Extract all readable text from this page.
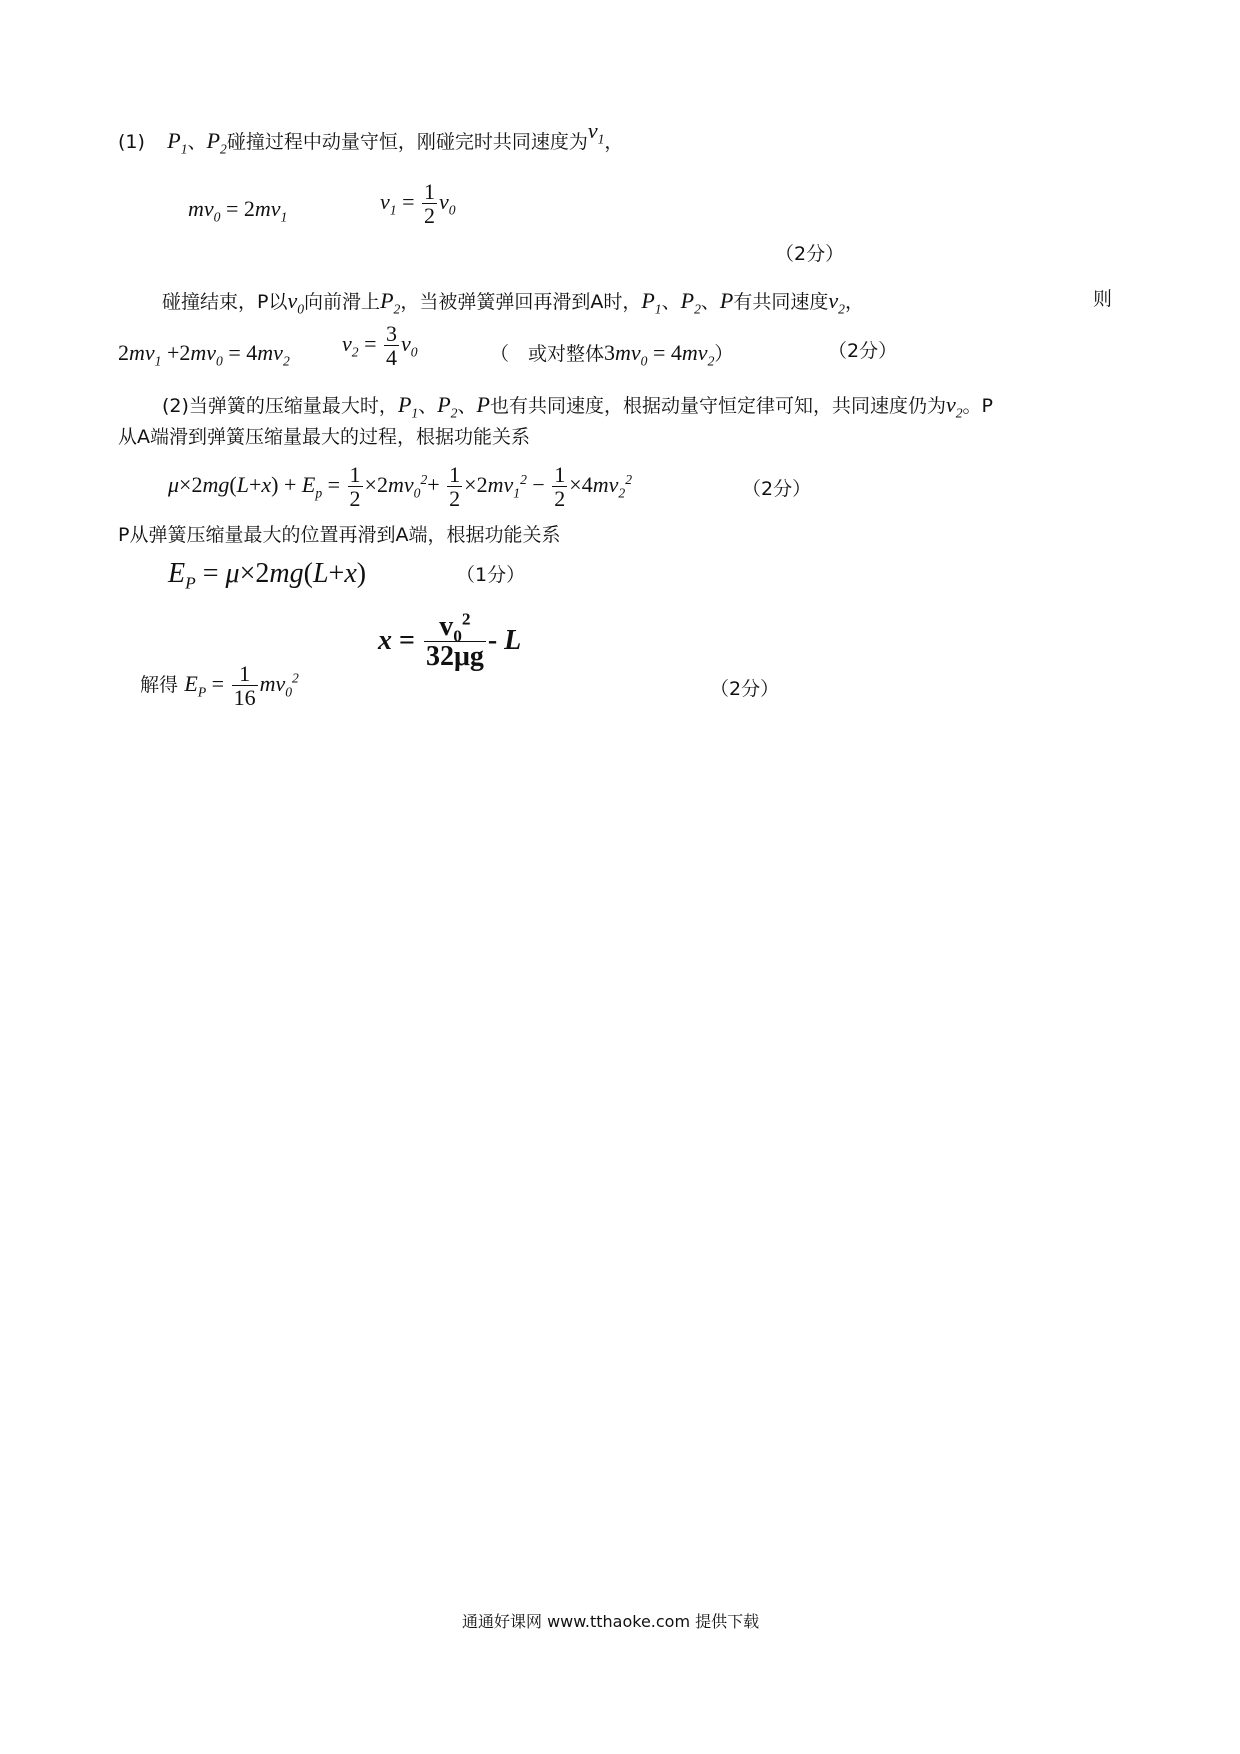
(1) $P_1$、$P_2$碰撞过程中动量守恒，刚碰完时共同速度为$v_1$，
$mv_0 = 2mv_1$
$v_1 = \frac{1}{2} v_0$
（2分）
碰撞结束，P以$v_0$向前滑上$P_2$，当被弹簧弹回再滑到A时，$P_1$、$P_2$、P有共同速度$v_2$，	则
$2mv_1 +2mv_0 = 4mv_2$
$v_2 = \frac{3}{4} v_0$	（　或对整体$3mv_0 = 4mv_2$）	（2分）
(2)当弹簧的压缩量最大时，$P_1$、$P_2$、P也有共同速度，根据动量守恒定律可知，共同速度仍为$v_2$。P
从A端滑到弹簧压缩量最大的过程，根据功能关系
$\mu\times 2mg(L+x) + E_p = \frac{1}{2} \times 2mv_0^2+ \frac{1}{2} \times 2mv_1^2 - \frac{1}{2} \times 4mv_2^2$	（2分）
P从弹簧压缩量最大的位置再滑到A端，根据功能关系
$E_P = \mu\times 2mg(L+x)$	（1分）
$x = \frac{v_0^2}{32\mu g} - L$
解得 $E_P = \frac{1}{16} mv_0^2$	（2分）
通通好课网 www.tthaoke.com 提供下载
